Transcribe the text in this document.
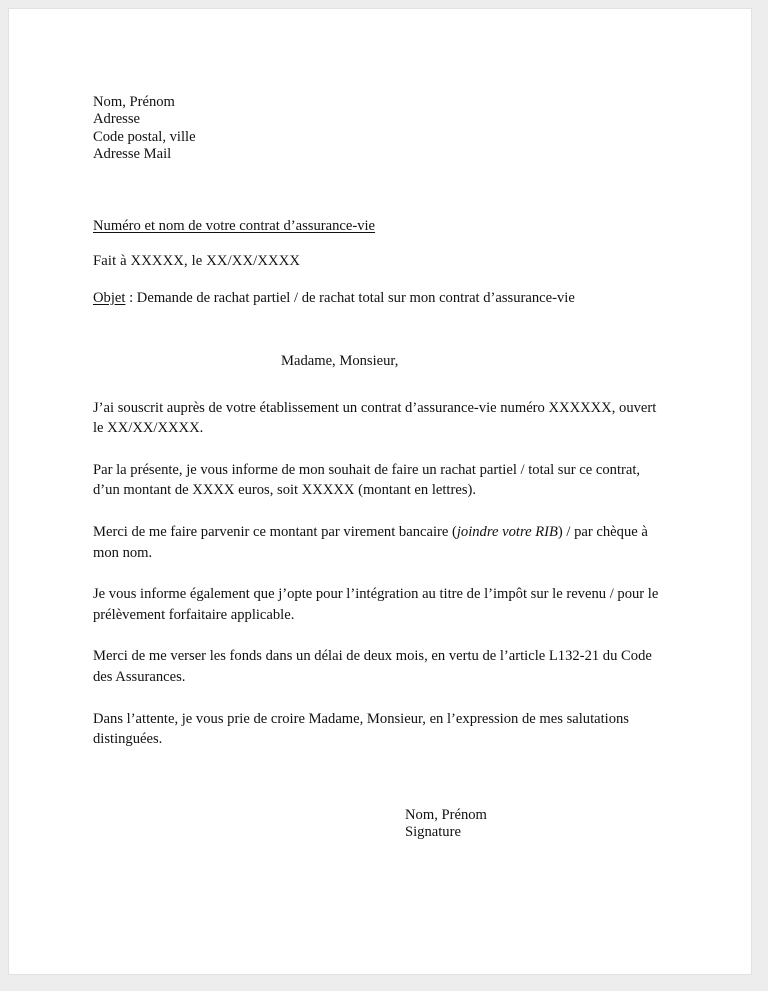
Nom, Prénom
Adresse
Code postal, ville
Adresse Mail
Numéro et nom de votre contrat d’assurance-vie
Fait à XXXXX, le XX/XX/XXXX
Objet : Demande de rachat partiel / de rachat total sur mon contrat d’assurance-vie
Madame, Monsieur,
J’ai souscrit auprès de votre établissement un contrat d’assurance-vie numéro XXXXXX, ouvert le XX/XX/XXXX.
Par la présente, je vous informe de mon souhait de faire un rachat partiel / total sur ce contrat, d’un montant de XXXX euros, soit XXXXX (montant en lettres).
Merci de me faire parvenir ce montant par virement bancaire (joindre votre RIB) / par chèque à mon nom.
Je vous informe également que j’opte pour l’intégration au titre de l’impôt sur le revenu / pour le prélèvement forfaitaire applicable.
Merci de me verser les fonds dans un délai de deux mois, en vertu de l’article L132-21 du Code des Assurances.
Dans l’attente, je vous prie de croire Madame, Monsieur, en l’expression de mes salutations distinguées.
Nom, Prénom
Signature
